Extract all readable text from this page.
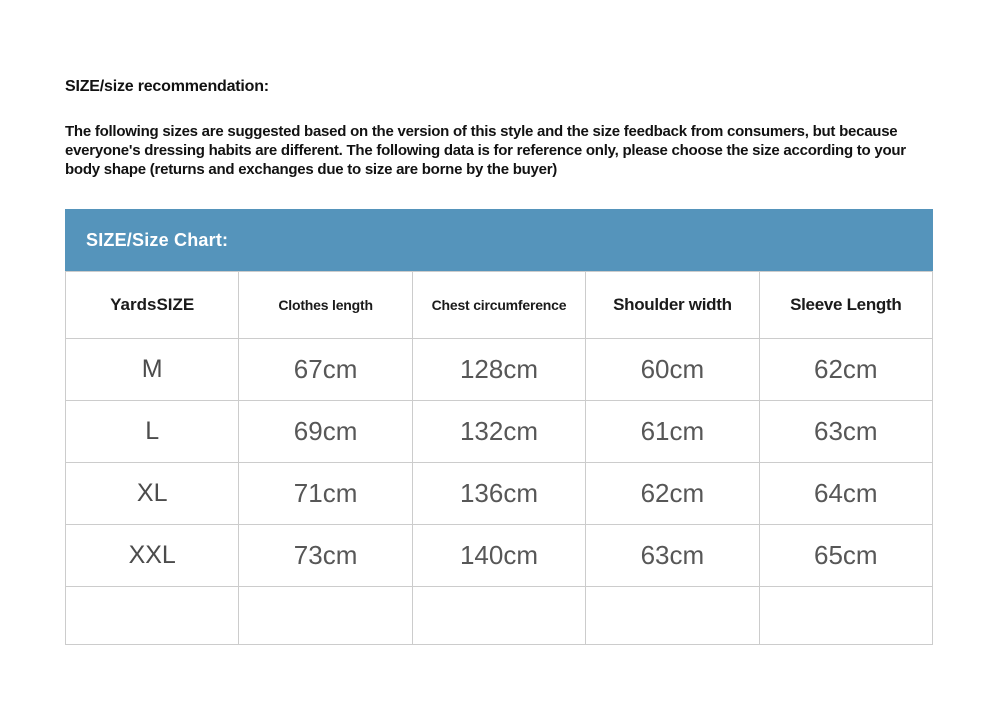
SIZE/size recommendation:

The following sizes are suggested based on the version of this style and the size feedback from consumers, but because everyone's dressing habits are different. The following data is for reference only, please choose the size according to your body shape (returns and exchanges due to size are borne by the buyer)

SIZE/Size Chart:
YardsSIZE	Clothes length	Chest circumference	Shoulder width	Sleeve Length
M	67cm	128cm	60cm	62cm
L	69cm	132cm	61cm	63cm
XL	71cm	136cm	62cm	64cm
XXL	73cm	140cm	63cm	65cm
